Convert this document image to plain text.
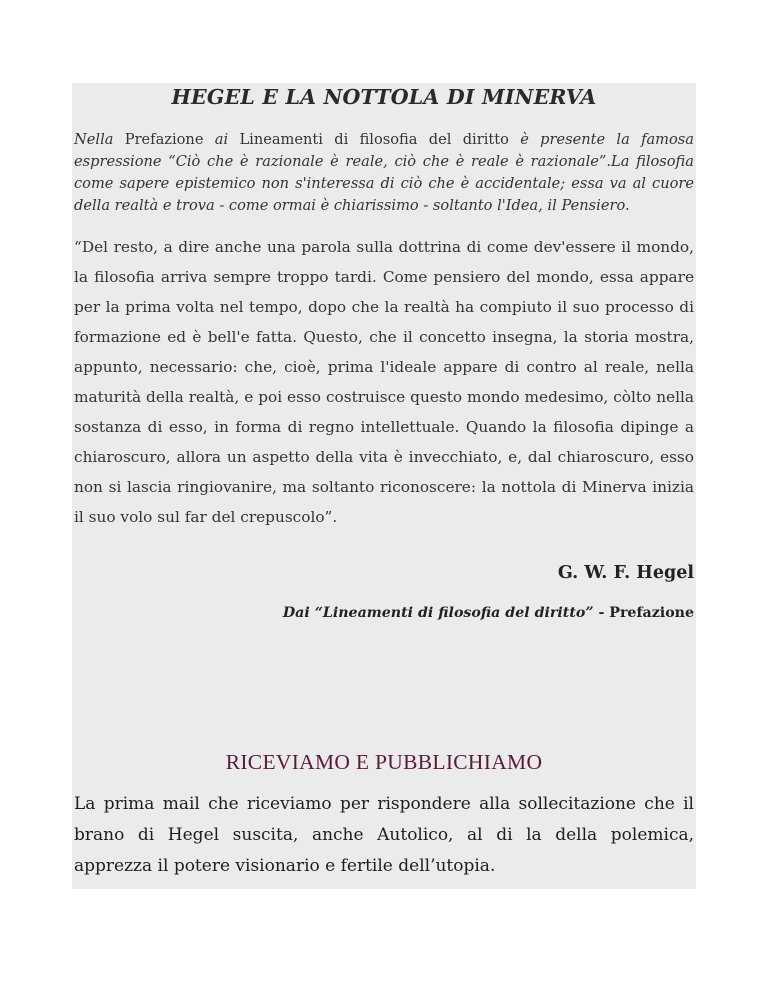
HEGEL E LA NOTTOLA DI MINERVA
Nella Prefazione ai Lineamenti di filosofia del diritto è presente la famosa espressione “Ciò che è razionale è reale, ciò che è reale è razionale”.La filosofia come sapere epistemico non s'interessa di ciò che è accidentale; essa va al cuore della realtà e trova - come ormai è chiarissimo - soltanto l'Idea, il Pensiero.
“Del resto, a dire anche una parola sulla dottrina di come dev'essere il mondo, la filosofia arriva sempre troppo tardi. Come pensiero del mondo, essa appare per la prima volta nel tempo, dopo che la realtà ha compiuto il suo processo di formazione ed è bell'e fatta. Questo, che il concetto insegna, la storia mostra, appunto, necessario: che, cioè, prima l'ideale appare di contro al reale, nella maturità della realtà, e poi esso costruisce questo mondo medesimo, còlto nella sostanza di esso, in forma di regno intellettuale. Quando la filosofia dipinge a chiaroscuro, allora un aspetto della vita è invecchiato, e, dal chiaroscuro, esso non si lascia ringiovanire, ma soltanto riconoscere: la nottola di Minerva inizia il suo volo sul far del crepuscolo”.
G. W. F. Hegel
Dai “Lineamenti di filosofia del diritto” - Prefazione
RICEVIAMO E PUBBLICHIAMO
La prima mail che riceviamo per rispondere alla sollecitazione che il brano di Hegel suscita, anche Autolico, al di la della polemica, apprezza il potere visionario e fertile dell’utopia.
